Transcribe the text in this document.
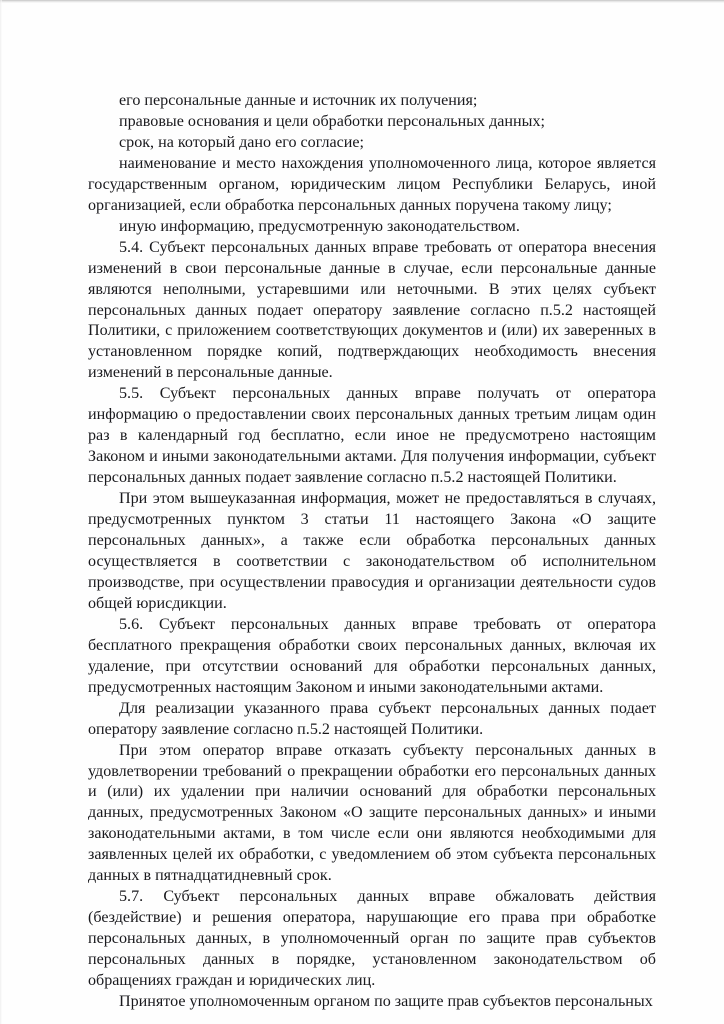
его персональные данные и источник их получения;

правовые основания и цели обработки персональных данных;

срок, на который дано его согласие;

наименование и место нахождения уполномоченного лица, которое является государственным органом, юридическим лицом Республики Беларусь, иной организацией, если обработка персональных данных поручена такому лицу;

иную информацию, предусмотренную законодательством.

5.4. Субъект персональных данных вправе требовать от оператора внесения изменений в свои персональные данные в случае, если персональные данные являются неполными, устаревшими или неточными. В этих целях субъект персональных данных подает оператору заявление согласно п.5.2 настоящей Политики, с приложением соответствующих документов и (или) их заверенных в установленном порядке копий, подтверждающих необходимость внесения изменений в персональные данные.

5.5. Субъект персональных данных вправе получать от оператора информацию о предоставлении своих персональных данных третьим лицам один раз в календарный год бесплатно, если иное не предусмотрено настоящим Законом и иными законодательными актами. Для получения информации, субъект персональных данных подает заявление согласно п.5.2 настоящей Политики.

При этом вышеуказанная информация, может не предоставляться в случаях, предусмотренных пунктом 3 статьи 11 настоящего Закона «О защите персональных данных», а также если обработка персональных данных осуществляется в соответствии с законодательством об исполнительном производстве, при осуществлении правосудия и организации деятельности судов общей юрисдикции.

5.6. Субъект персональных данных вправе требовать от оператора бесплатного прекращения обработки своих персональных данных, включая их удаление, при отсутствии оснований для обработки персональных данных, предусмотренных настоящим Законом и иными законодательными актами.

Для реализации указанного права субъект персональных данных подает оператору заявление согласно п.5.2 настоящей Политики.

При этом оператор вправе отказать субъекту персональных данных в удовлетворении требований о прекращении обработки его персональных данных и (или) их удалении при наличии оснований для обработки персональных данных, предусмотренных Законом «О защите персональных данных» и иными законодательными актами, в том числе если они являются необходимыми для заявленных целей их обработки, с уведомлением об этом субъекта персональных данных в пятнадцатидневный срок.

5.7. Субъект персональных данных вправе обжаловать действия (бездействие) и решения оператора, нарушающие его права при обработке персональных данных, в уполномоченный орган по защите прав субъектов персональных данных в порядке, установленном законодательством об обращениях граждан и юридических лиц.

Принятое уполномоченным органом по защите прав субъектов персональных
